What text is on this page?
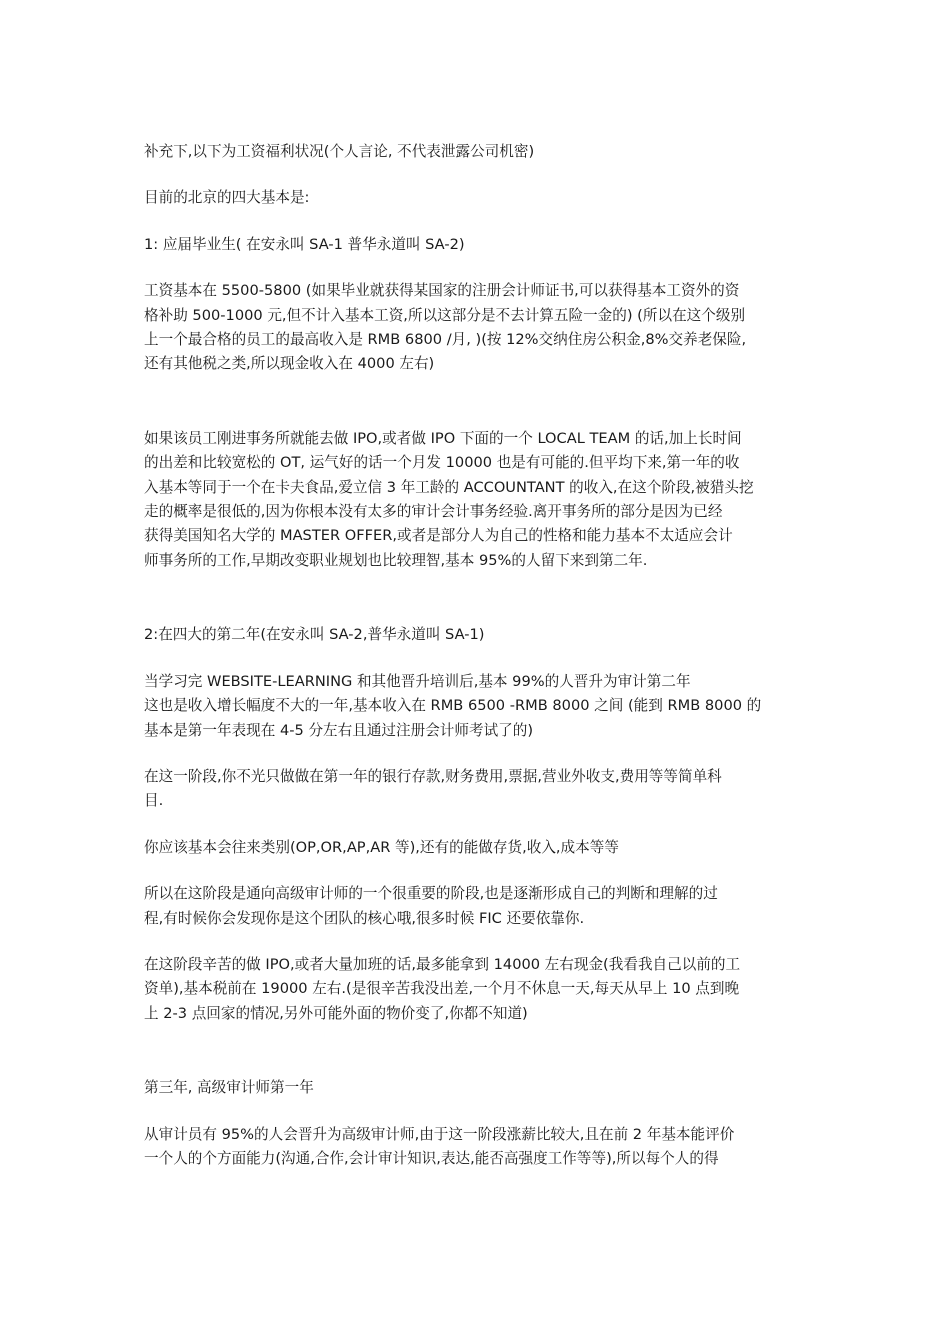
补充下,以下为工资福利状况(个人言论, 不代表泄露公司机密)

目前的北京的四大基本是:

1: 应届毕业生( 在安永叫 SA-1 普华永道叫 SA-2)

工资基本在 5500-5800 (如果毕业就获得某国家的注册会计师证书,可以获得基本工资外的资
格补助 500-1000 元,但不计入基本工资,所以这部分是不去计算五险一金的) (所以在这个级别
上一个最合格的员工的最高收入是 RMB 6800 /月, )(按 12%交纳住房公积金,8%交养老保险,
还有其他税之类,所以现金收入在 4000 左右)

如果该员工刚进事务所就能去做 IPO,或者做 IPO 下面的一个 LOCAL TEAM 的话,加上长时间
的出差和比较宽松的 OT, 运气好的话一个月发 10000 也是有可能的.但平均下来,第一年的收
入基本等同于一个在卡夫食品,爱立信 3 年工龄的 ACCOUNTANT 的收入,在这个阶段,被猎头挖
走的概率是很低的,因为你根本没有太多的审计会计事务经验.离开事务所的部分是因为已经
获得美国知名大学的 MASTER OFFER,或者是部分人为自己的性格和能力基本不太适应会计
师事务所的工作,早期改变职业规划也比较理智,基本 95%的人留下来到第二年.

2:在四大的第二年(在安永叫 SA-2,普华永道叫 SA-1)

当学习完 WEBSITE-LEARNING 和其他晋升培训后,基本 99%的人晋升为审计第二年
这也是收入增长幅度不大的一年,基本收入在 RMB 6500 -RMB 8000 之间 (能到 RMB 8000 的
基本是第一年表现在 4-5 分左右且通过注册会计师考试了的)

在这一阶段,你不光只做做在第一年的银行存款,财务费用,票据,营业外收支,费用等等简单科
目.

你应该基本会往来类别(OP,OR,AP,AR 等),还有的能做存货,收入,成本等等

所以在这阶段是通向高级审计师的一个很重要的阶段,也是逐渐形成自己的判断和理解的过
程,有时候你会发现你是这个团队的核心哦,很多时候 FIC 还要依靠你.

在这阶段辛苦的做 IPO,或者大量加班的话,最多能拿到 14000 左右现金(我看我自己以前的工
资单),基本税前在 19000 左右.(是很辛苦我没出差,一个月不休息一天,每天从早上 10 点到晚
上 2-3 点回家的情况,另外可能外面的物价变了,你都不知道)

第三年, 高级审计师第一年

从审计员有 95%的人会晋升为高级审计师,由于这一阶段涨薪比较大,且在前 2 年基本能评价
一个人的个方面能力(沟通,合作,会计审计知识,表达,能否高强度工作等等),所以每个人的得
